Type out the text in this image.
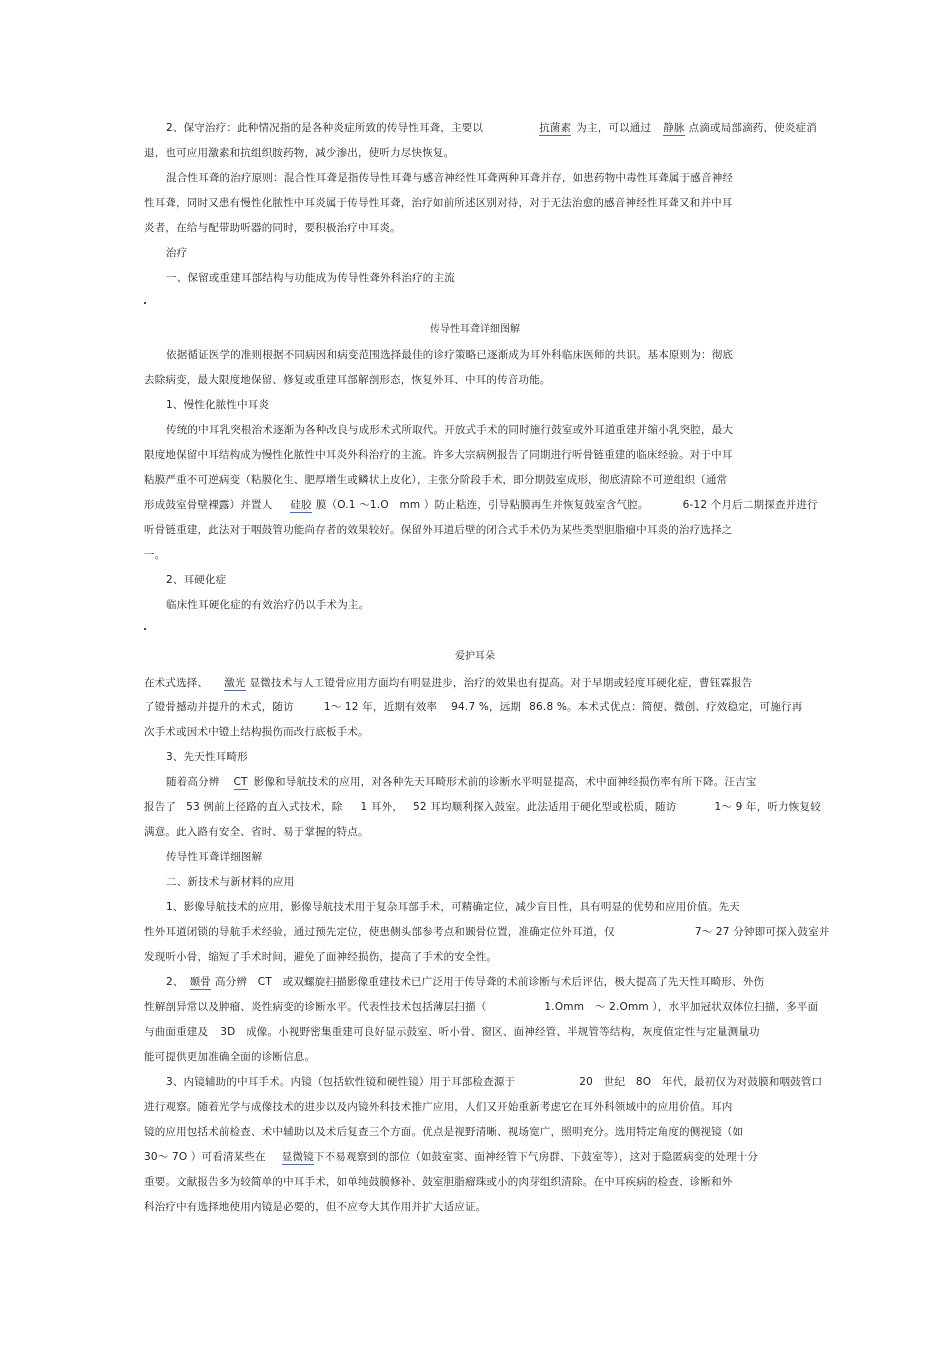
2、保守治疗：此种情况指的是各种炎症所致的传导性耳聋，主要以	抗菌素 为主，可以通过 静脉 点滴或局部滴药，使炎症消
退，也可应用激素和抗组织胺药物，减少渗出，使听力尽快恢复。
混合性耳聋的治疗原则：混合性耳聋是指传导性耳聋与感音神经性耳聋两种耳聋并存，如患药物中毒性耳聋属于感音神经
性耳聋，同时又患有慢性化脓性中耳炎属于传导性耳聋，治疗如前所述区别对待，对于无法治愈的感音神经性耳聋又和并中耳
炎者，在给与配带助听器的同时，要积极治疗中耳炎。
治疗
一、保留或重建耳部结构与功能成为传导性聋外科治疗的主流
传导性耳聋详细图解
依据循证医学的准则根据不同病因和病变范围选择最佳的诊疗策略已逐渐成为耳外科临床医师的共识。基本原则为：彻底
去除病变，最大限度地保留、修复或重建耳部解剖形态，恢复外耳、中耳的传音功能。
1、慢性化脓性中耳炎
传统的中耳乳突根治术逐渐为各种改良与成形术式所取代。开放式手术的同时施行鼓室或外耳道重建并缩小乳突腔，最大
限度地保留中耳结构成为慢性化脓性中耳炎外科治疗的主流。许多大宗病例报告了同期进行听骨链重建的临床经验。对于中耳
粘膜严重不可逆病变（粘膜化生、肥厚增生或鳞状上皮化），主张分阶段手术，即分期鼓室成形，彻底清除不可逆组织（通常
形成鼓室骨壁裸露）并置人 硅胶 膜（O.1 ～1.O　mm ）防止粘连，引导粘膜再生并恢复鼓室含气腔。	6-12 个月后二期探查并进行
听骨链重建，此法对于咽鼓管功能尚存者的效果较好。保留外耳道后壁的闭合式手术仍为某些类型胆脂瘤中耳炎的治疗选择之
一。
2、耳硬化症
临床性耳硬化症的有效治疗仍以手术为主。
爱护耳朵
在术式选择、 激光 显微技术与人工镫骨应用方面均有明显进步，治疗的效果也有提高。对于早期或轻度耳硬化症，曹钰霖报告
了镫骨撼动并提升的术式，随访	1～ 12 年，近期有效率 94.7 %，远期 86.8 %。本术式优点：简便、微创、疗效稳定，可施行再
次手术或因术中镫上结构损伤而改行底板手术。
3、先天性耳畸形
随着高分辨 CT 影像和导航技术的应用，对各种先天耳畸形术前的诊断水平明显提高，术中面神经损伤率有所下降。汪吉宝
报告了 53 例前上径路的直入式技术，除 1 耳外， 52 耳均顺利探入鼓室。此法适用于硬化型或松质，随访	1～ 9 年，听力恢复较
满意。此入路有安全、省时、易于掌握的特点。
传导性耳聋详细图解
二、新技术与新材料的应用
1、影像导航技术的应用，影像导航技术用于复杂耳部手术，可精确定位，减少盲目性，具有明显的优势和应用价值。先天
性外耳道闭锁的导航手术经验，通过预先定位，使患侧头部参考点和颞骨位置，准确定位外耳道，仅	7～ 27 分钟即可探入鼓室并
发现听小骨，缩短了手术时间，避免了面神经损伤，提高了手术的安全性。
2、 颞骨 高分辨　CT　或双螺旋扫描影像重建技术已广泛用于传导聋的术前诊断与术后评估，极大提高了先天性耳畸形、外伤
性解剖异常以及肿瘤、炎性病变的诊断水平。代表性技术包括薄层扫描（	1.Omm　～ 2.Omm ），水平加冠状双体位扫描，多平面
与曲面重建及 3D　成像。小视野密集重建可良好显示鼓室、听小骨、窗区、面神经管、半规管等结构，灰度值定性与定量测量功
能可提供更加准确全面的诊断信息。
3、内镜辅助的中耳手术。内镜（包括软性镜和硬性镜）用于耳部检查源于	20　世纪　8O　年代，最初仅为对鼓膜和咽鼓管口
进行观察。随着光学与成像技术的进步以及内镜外科技术推广应用，人们又开始重新考虑它在耳外科领域中的应用价值。耳内
镜的应用包括术前检查、术中辅助以及术后复查三个方面。优点是视野清晰、视场宽广，照明充分。选用特定角度的侧视镜（如
30～ 7O ）可看清某些在 显微镜下不易观察到的部位（如鼓室窦、面神经管下气房群、下鼓室等），这对于隐匿病变的处理十分
重要。文献报告多为较简单的中耳手术，如单纯鼓膜修补、鼓室胆脂瘤珠或小的肉芽组织清除。在中耳疾病的检查、诊断和外
科治疗中有选择地使用内镜是必要的，但不应夸大其作用并扩大适应证。
